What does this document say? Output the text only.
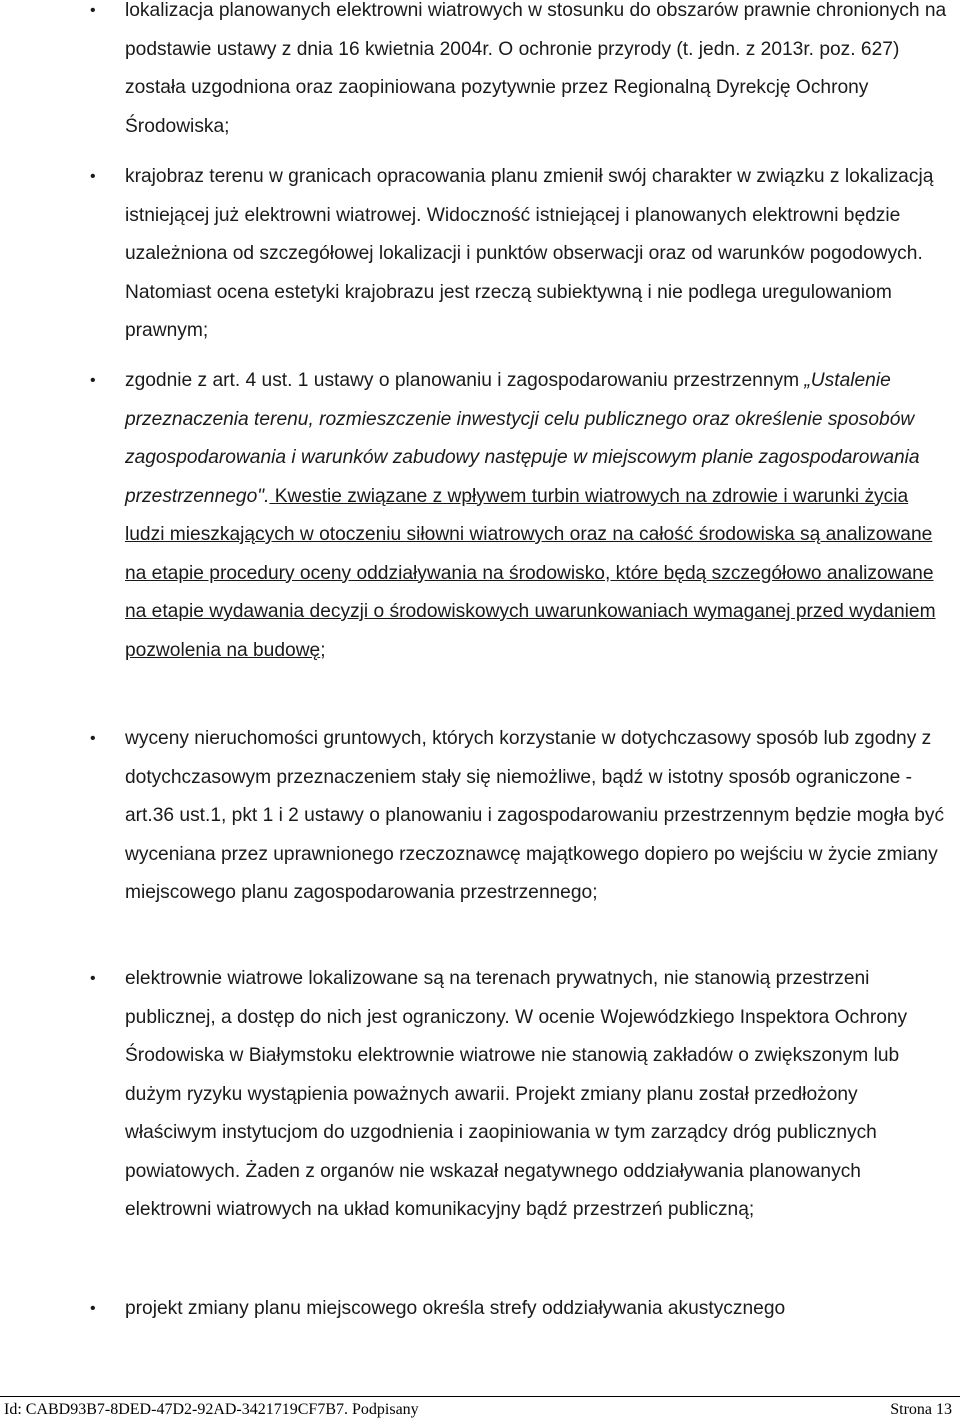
• lokalizacja planowanych elektrowni wiatrowych w stosunku do obszarów prawnie chronionych na podstawie ustawy z dnia 16 kwietnia 2004r. O ochronie przyrody (t. jedn. z 2013r. poz. 627) została uzgodniona oraz zaopiniowana pozytywnie przez Regionalną Dyrekcję Ochrony Środowiska;
• krajobraz terenu w granicach opracowania planu zmienił swój charakter w związku z lokalizacją istniejącej już elektrowni wiatrowej. Widoczność istniejącej i planowanych elektrowni będzie uzależniona od szczegółowej lokalizacji i punktów obserwacji oraz od warunków pogodowych. Natomiast ocena estetyki krajobrazu jest rzeczą subiektywną i nie podlega uregulowaniom prawnym;
• zgodnie z art. 4 ust. 1 ustawy o planowaniu i zagospodarowaniu przestrzennym „Ustalenie przeznaczenia terenu, rozmieszczenie inwestycji celu publicznego oraz określenie sposobów zagospodarowania i warunków zabudowy następuje w miejscowym planie zagospodarowania przestrzennego". Kwestie związane z wpływem turbin wiatrowych na zdrowie i warunki życia ludzi mieszkających w otoczeniu siłowni wiatrowych oraz na całość środowiska są analizowane na etapie procedury oceny oddziaływania na środowisko, które będą szczegółowo analizowane na etapie wydawania decyzji o środowiskowych uwarunkowaniach wymaganej przed wydaniem pozwolenia na budowę;
• wyceny nieruchomości gruntowych, których korzystanie w dotychczasowy sposób lub zgodny z dotychczasowym przeznaczeniem stały się niemożliwe, bądź w istotny sposób ograniczone - art.36 ust.1, pkt 1 i 2 ustawy o planowaniu i zagospodarowaniu przestrzennym będzie mogła być wyceniana przez uprawnionego rzeczoznawcę majątkowego dopiero po wejściu w życie zmiany miejscowego planu zagospodarowania przestrzennego;
• elektrownie wiatrowe lokalizowane są na terenach prywatnych, nie stanowią przestrzeni publicznej, a dostęp do nich jest ograniczony. W ocenie Wojewódzkiego Inspektora Ochrony Środowiska w Białymstoku elektrownie wiatrowe nie stanowią zakładów o zwiększonym lub dużym ryzyku wystąpienia poważnych awarii. Projekt zmiany planu został przedłożony właściwym instytucjom do uzgodnienia i zaopiniowania w tym zarządcy dróg publicznych powiatowych. Żaden z organów nie wskazał negatywnego oddziaływania planowanych elektrowni wiatrowych na układ komunikacyjny bądź przestrzeń publiczną;
• projekt zmiany planu miejscowego określa strefy oddziaływania akustycznego
Id: CABD93B7-8DED-47D2-92AD-3421719CF7B7. Podpisany	Strona 13
